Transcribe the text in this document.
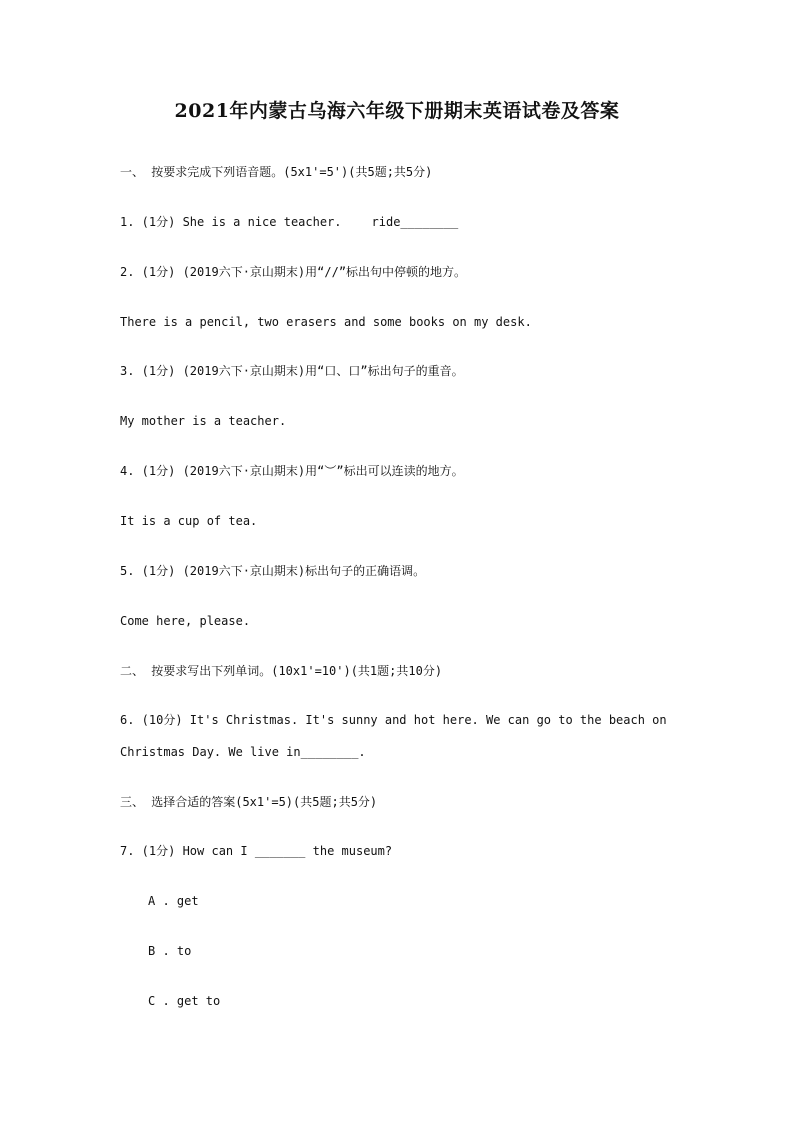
2021年内蒙古乌海六年级下册期末英语试卷及答案
一、 按要求完成下列语音题。(5x1'=5')(共5题;共5分)
1. (1分) She is a nice teacher.	ride________
2. (1分) (2019六下·京山期末)用“//”标出句中停顿的地方。
There is a pencil, two erasers and some books on my desk.
3. (1分) (2019六下·京山期末)用“口、口”标出句子的重音。
My mother is a teacher.
4. (1分) (2019六下·京山期末)用“︶”标出可以连读的地方。
It is a cup of tea.
5. (1分) (2019六下·京山期末)标出句子的正确语调。
Come here, please.
二、 按要求写出下列单词。(10x1'=10')(共1题;共10分)
6. (10分) It's Christmas. It's sunny and hot here. We can go to the beach on
Christmas Day. We live in________.
三、 选择合适的答案(5x1'=5)(共5题;共5分)
7. (1分) How can I _______ the museum?
A . get
B . to
C . get to
